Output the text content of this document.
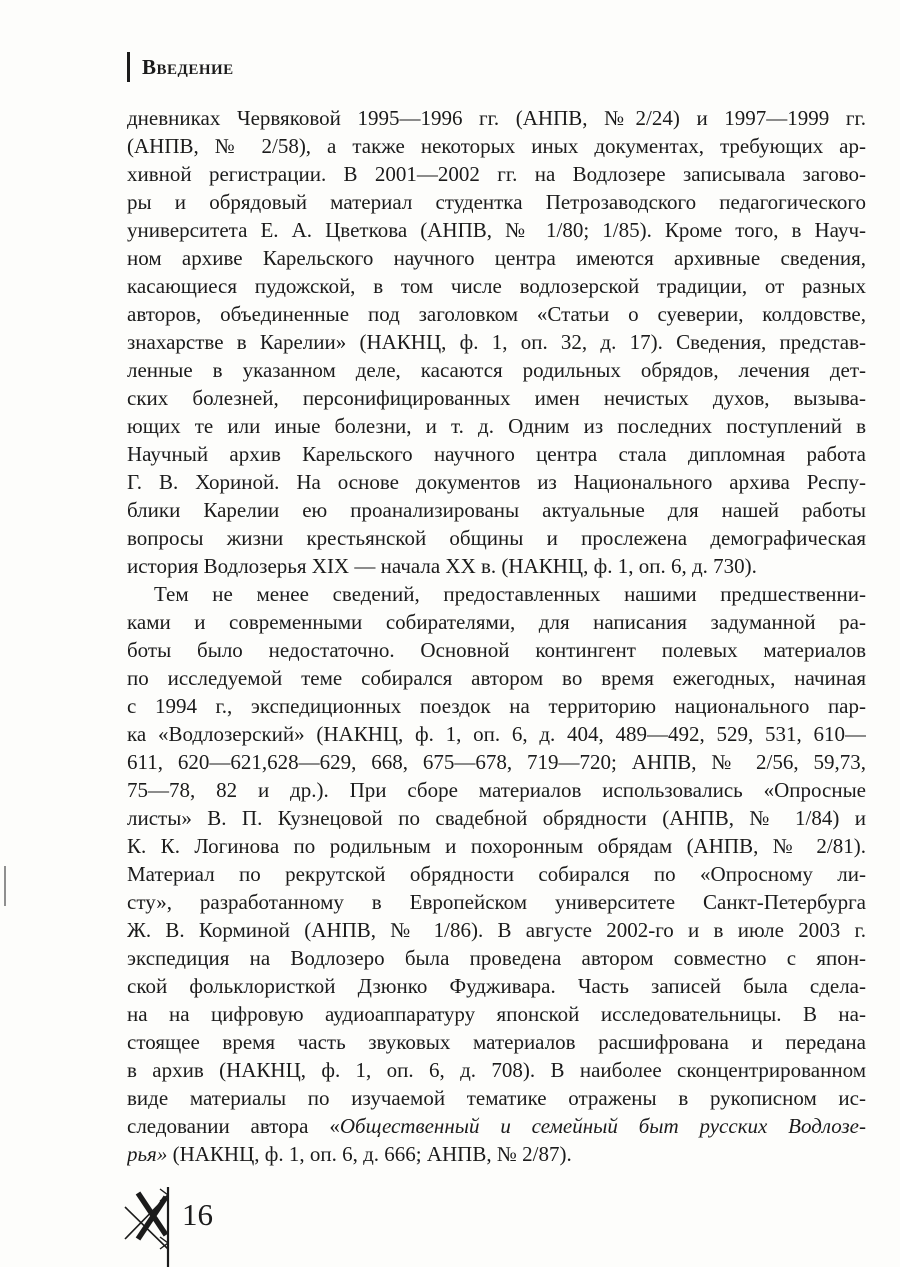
Введение
дневниках Червяковой 1995—1996 гг. (АНПВ, №2/24) и 1997—1999 гг.
(АНПВ, № 2/58), а также некоторых иных документах, требующих ар-
хивной регистрации. В 2001—2002 гг. на Водлозере записывала загово-
ры и обрядовый материал студентка Петрозаводского педагогического
университета Е. А. Цветкова (АНПВ, № 1/80; 1/85). Кроме того, в Науч-
ном архиве Карельского научного центра имеются архивные сведения,
касающиеся пудожской, в том числе водлозерской традиции, от разных
авторов, объединенные под заголовком «Статьи о суеверии, колдовстве,
знахарстве в Карелии» (НАКНЦ, ф. 1, оп. 32, д. 17). Сведения, представ-
ленные в указанном деле, касаются родильных обрядов, лечения дет-
ских болезней, персонифицированных имен нечистых духов, вызыва-
ющих те или иные болезни, и т. д. Одним из последних поступлений в
Научный архив Карельского научного центра стала дипломная работа
Г. В. Хориной. На основе документов из Национального архива Респу-
блики Карелии ею проанализированы актуальные для нашей работы
вопросы жизни крестьянской общины и прослежена демографическая
история Водлозерья XIX — начала XX в. (НАКНЦ, ф. 1, оп. 6, д. 730).
Тем не менее сведений, предоставленных нашими предшественни-
ками и современными собирателями, для написания задуманной ра-
боты было недостаточно. Основной контингент полевых материалов
по исследуемой теме собирался автором во время ежегодных, начиная
с 1994 г., экспедиционных поездок на территорию национального пар-
ка «Водлозерский» (НАКНЦ, ф. 1, оп. 6, д. 404, 489—492, 529, 531, 610—
611, 620—621,628—629, 668, 675—678, 719—720; АНПВ, № 2/56, 59,73,
75—78, 82 и др.). При сборе материалов использовались «Опросные
листы» В. П. Кузнецовой по свадебной обрядности (АНПВ, № 1/84) и
К. К. Логинова по родильным и похоронным обрядам (АНПВ, № 2/81).
Материал по рекрутской обрядности собирался по «Опросному ли-
сту», разработанному в Европейском университете Санкт-Петербурга
Ж. В. Корминой (АНПВ, № 1/86). В августе 2002-го и в июле 2003 г.
экспедиция на Водлозеро была проведена автором совместно с япон-
ской фольклористкой Дзюнко Фудживара. Часть записей была сдела-
на на цифровую аудиоаппаратуру японской исследовательницы. В на-
стоящее время часть звуковых материалов расшифрована и передана
в архив (НАКНЦ, ф. 1, оп. 6, д. 708). В наиболее сконцентрированном
виде материалы по изучаемой тематике отражены в рукописном ис-
следовании автора «Общественный и семейный быт русских Водлозе-
рья» (НАКНЦ, ф. 1, оп. 6, д. 666; АНПВ, № 2/87).
16
